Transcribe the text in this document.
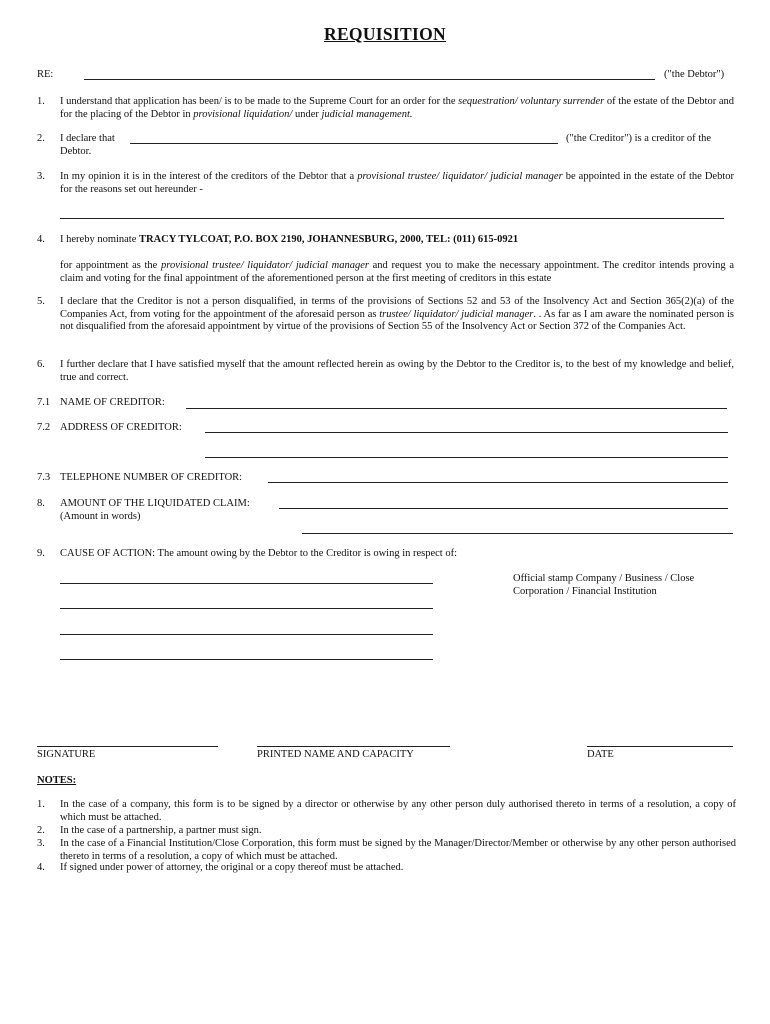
REQUISITION
RE:	("the Debtor")
1. I understand that application has been/ is to be made to the Supreme Court for an order for the sequestration/ voluntary surrender of the estate of the Debtor and for the placing of the Debtor in provisional liquidation/ under judicial management.
2. I declare that	("the Creditor") is a creditor of the
Debtor.
3. In my opinion it is in the interest of the creditors of the Debtor that a provisional trustee/ liquidator/ judicial manager be appointed in the estate of the Debtor for the reasons set out hereunder -
4. I hereby nominate TRACY TYLCOAT, P.O. BOX 2190, JOHANNESBURG, 2000, TEL: (011) 615-0921
for appointment as the provisional trustee/ liquidator/ judicial manager and request you to make the necessary appointment. The creditor intends proving a claim and voting for the final appointment of the aforementioned person at the first meeting of creditors in this estate
5. I declare that the Creditor is not a person disqualified, in terms of the provisions of Sections 52 and 53 of the Insolvency Act and Section 365(2)(a) of the Companies Act, from voting for the appointment of the aforesaid person as trustee/ liquidator/ judicial manager. . As far as I am aware the nominated person is not disqualified from the aforesaid appointment by virtue of the provisions of Section 55 of the Insolvency Act or Section 372 of the Companies Act.
6. I further declare that I have satisfied myself that the amount reflected herein as owing by the Debtor to the Creditor is, to the best of my knowledge and belief, true and correct.
7.1 NAME OF CREDITOR:
7.2 ADDRESS OF CREDITOR:
7.3 TELEPHONE NUMBER OF CREDITOR:
8. AMOUNT OF THE LIQUIDATED CLAIM:
(Amount in words)
9. CAUSE OF ACTION: The amount owing by the Debtor to the Creditor is owing in respect of:
Official stamp Company / Business / Close Corporation / Financial Institution
SIGNATURE	PRINTED NAME AND CAPACITY	DATE
NOTES:
1. In the case of a company, this form is to be signed by a director or otherwise by any other person duly authorised thereto in terms of a resolution, a copy of which must be attached.
2. In the case of a partnership, a partner must sign.
3. In the case of a Financial Institution/Close Corporation, this form must be signed by the Manager/Director/Member or otherwise by any other person authorised thereto in terms of a resolution, a copy of which must be attached.
4. If signed under power of attorney, the original or a copy thereof must be attached.
